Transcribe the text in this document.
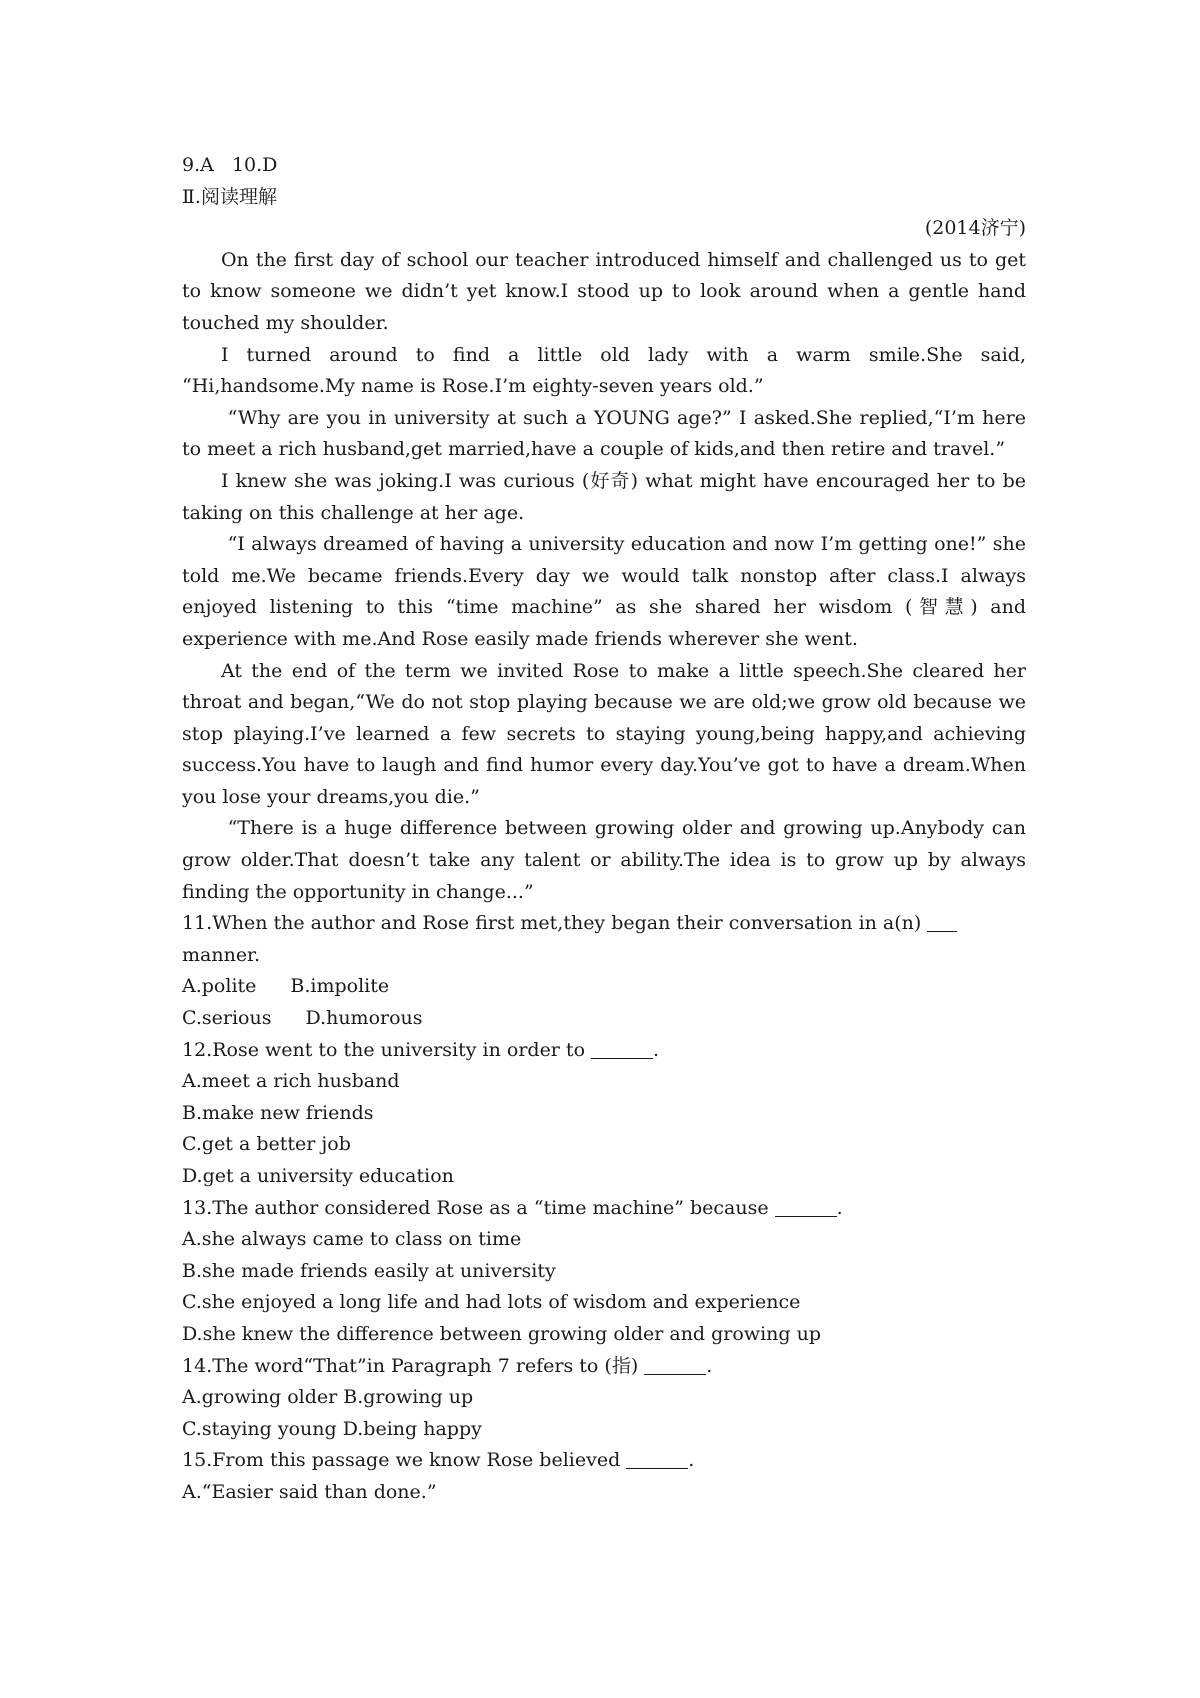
9.A   10.D
Ⅱ.阅读理解
(2014济宁)

On the first day of school our teacher introduced himself and challenged us to get to know someone we didn’t yet know.I stood up to look around when a gentle hand touched my shoulder.

I turned around to find a little old lady with a warm smile.She said, “Hi,handsome.My name is Rose.I’m eighty-seven years old.”

“Why are you in university at such a YOUNG age?” I asked.She replied,“I’m here to meet a rich husband,get married,have a couple of kids,and then retire and travel.”

I knew she was joking.I was curious (好奇) what might have encouraged her to be taking on this challenge at her age.

“I always dreamed of having a university education and now I’m getting one!” she told me.We became friends.Every day we would talk nonstop after class.I always enjoyed listening to this “time machine” as she shared her wisdom (智慧) and experience with me.And Rose easily made friends wherever she went.

At the end of the term we invited Rose to make a little speech.She cleared her throat and began,“We do not stop playing because we are old;we grow old because we stop playing.I’ve learned a few secrets to staying young,being happy,and achieving success.You have to laugh and find humor every day.You’ve got to have a dream.When you lose your dreams,you die.”

“There is a huge difference between growing older and growing up.Anybody can grow older.That doesn’t take any talent or ability.The idea is to grow up by always finding the opportunity in change...”

11.When the author and Rose first met,they began their conversation in a(n)
manner.
A.polite B.impolite
C.serious D.humorous
12.Rose went to the university in order to	.
A.meet a rich husband
B.make new friends
C.get a better job
D.get a university education
13.The author considered Rose as a “time machine” because	.
A.she always came to class on time
B.she made friends easily at university
C.she enjoyed a long life and had lots of wisdom and experience
D.she knew the difference between growing older and growing up
14.The word“That”in Paragraph 7 refers to (指)	.
A.growing older B.growing up
C.staying young D.being happy
15.From this passage we know Rose believed	.
A.“Easier said than done.”
